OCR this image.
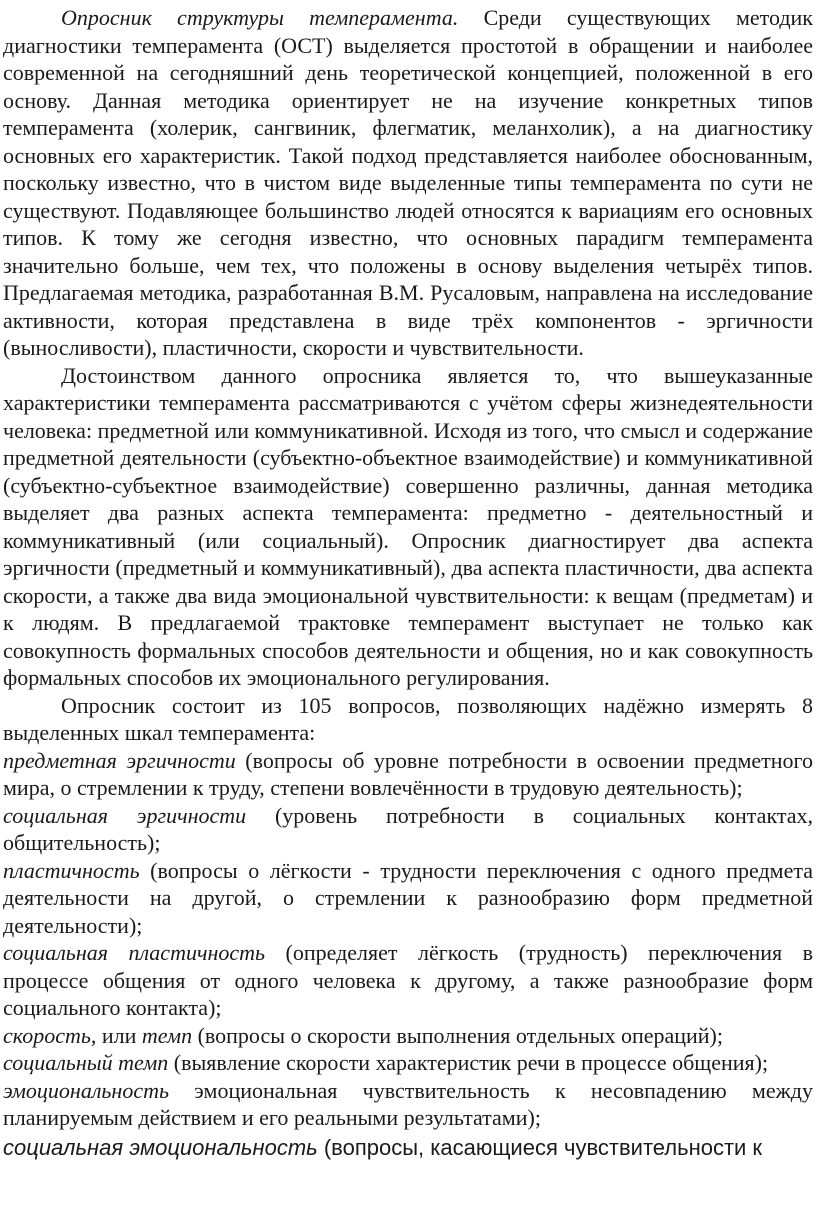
Опросник структуры темперамента. Среди существующих методик диагностики темперамента (ОСТ) выделяется простотой в обращении и наиболее современной на сегодняшний день теоретической концепцией, положенной в его основу. Данная методика ориентирует не на изучение конкретных типов темперамента (холерик, сангвиник, флегматик, меланхолик), а на диагностику основных его характеристик. Такой подход представляется наиболее обоснованным, поскольку известно, что в чистом виде выделенные типы темперамента по сути не существуют. Подавляющее большинство людей относятся к вариациям его основных типов. К тому же сегодня известно, что основных парадигм темперамента значительно больше, чем тех, что положены в основу выделения четырёх типов. Предлагаемая методика, разработанная В.М. Русаловым, направлена на исследование активности, которая представлена в виде трёх компонентов - эргичности (выносливости), пластичности, скорости и чувствительности.

Достоинством данного опросника является то, что вышеуказанные характеристики темперамента рассматриваются с учётом сферы жизнедеятельности человека: предметной или коммуникативной. Исходя из того, что смысл и содержание предметной деятельности (субъектно-объектное взаимодействие) и коммуникативной (субъектно-субъектное взаимодействие) совершенно различны, данная методика выделяет два разных аспекта темперамента: предметно - деятельностный и коммуникативный (или социальный). Опросник диагностирует два аспекта эргичности (предметный и коммуникативный), два аспекта пластичности, два аспекта скорости, а также два вида эмоциональной чувствительности: к вещам (предметам) и к людям. В предлагаемой трактовке темперамент выступает не только как совокупность формальных способов деятельности и общения, но и как совокупность формальных способов их эмоционального регулирования.

Опросник состоит из 105 вопросов, позволяющих надёжно измерять 8 выделенных шкал темперамента:

предметная эргичности (вопросы об уровне потребности в освоении предметного мира, о стремлении к труду, степени вовлечённости в трудовую деятельность);

социальная эргичности (уровень потребности в социальных контактах, общительность);

пластичность (вопросы о лёгкости - трудности переключения с одного предмета деятельности на другой, о стремлении к разнообразию форм предметной деятельности);

социальная пластичность (определяет лёгкость (трудность) переключения в процессе общения от одного человека к другому, а также разнообразие форм социального контакта);

скорость, или темп (вопросы о скорости выполнения отдельных операций);

социальный темп (выявление скорости характеристик речи в процессе общения);

эмоциональность эмоциональная чувствительность к несовпадению между планируемым действием и его реальными результатами);

социальная эмоциональность (вопросы, касающиеся чувствительности к
